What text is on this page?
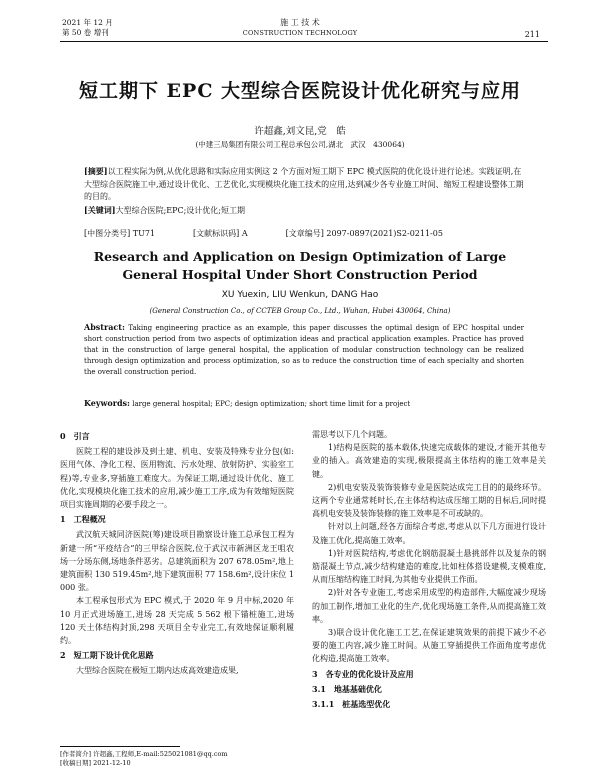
2021 年 12 月
第 50 卷 增刊
施 工 技 术
CONSTRUCTION TECHNOLOGY	211
短工期下 EPC 大型综合医院设计优化研究与应用
许超鑫,刘文昆,党　皓
(中建三局集团有限公司工程总承包公司,湖北　武汉　430064)
[摘要]以工程实际为例,从优化思路和实际应用实例这 2 个方面对短工期下 EPC 模式医院的优化设计进行论述。实践证明,在大型综合医院施工中,通过设计优化、工艺优化,实现模块化施工技术的应用,达到减少各专业施工时间、缩短工程建设整体工期的目的。
[关键词]大型综合医院;EPC;设计优化;短工期
[中图分类号] TU71	[文献标识码] A	[文章编号] 2097-0897(2021)S2-0211-05
Research and Application on Design Optimization of Large
General Hospital Under Short Construction Period
XU Yuexin, LIU Wenkun, DANG Hao
(General Construction Co., of CCTEB Group Co., Ltd., Wuhan, Hubei 430064, China)
Abstract: Taking engineering practice as an example, this paper discusses the optimal design of EPC hospital under short construction period from two aspects of optimization ideas and practical application examples. Practice has proved that in the construction of large general hospital, the application of modular construction technology can be realized through design optimization and process optimization, so as to reduce the construction time of each specialty and shorten the overall construction period.
Keywords: large general hospital; EPC; design optimization; short time limit for a project
0　引言

医院工程的建设涉及到土建、机电、安装及特殊专业分包(如:医用气体、净化工程、医用物流、污水处理、放射防护、实验室工程)等,专业多,穿插施工难度大。为保证工期,通过设计优化、施工优化,实现模块化施工技术的应用,减少施工工序,成为有效缩短医院项目实施周期的必要手段之一。

1　工程概况

武汉航天城同济医院(筹)建设项目勘察设计施工总承包工程为新建一所“平疫结合”的三甲综合医院,位于武汉市新洲区龙王咀农场一分场东侧,场地条件恶劣。总建筑面积为 207 678.05m²,地上建筑面积 130 519.45m²,地下建筑面积 77 158.6m²,设计床位 1 000 张。

本工程承包形式为 EPC 模式,于 2020 年 9 月中标,2020 年 10 月正式进场施工,进场 28 天完成 5 562 根下锚桩施工,进场 120 天土体结构封顶,298 天项目全专业完工,有效地保证顺利履约。

2　短工期下设计优化思路

大型综合医院在极短工期内达成高效建造成果,

需思考以下几个问题。

1)结构是医院的基本载体,快速完成载体的建设,才能开其他专业的插入。高效建造的实现,极限提高主体结构的施工效率是关键。

2)机电安装及装饰装修专业是医院达成完工目的的最终环节。这两个专业通常耗时长,在主体结构达成压缩工期的目标后,同时提高机电安装及装饰装修的施工效率是不可或缺的。

针对以上问题,经各方面综合考虑,考虑从以下几方面进行设计及施工优化,提高施工效率。

1)针对医院结构,考虑优化钢筋混凝土悬挑部件以及复杂的钢筋混凝土节点,减少结构建造的难度,比如柱体搭设建模,支模难度,从而压缩结构施工时间,为其他专业提供工作面。

2)针对各专业施工,考虑采用成型的构造部件,大幅度减少现场的加工制作,增加工业化的生产,优化现场施工条件,从而提高施工效率。

3)联合设计优化施工工艺,在保证建筑效果的前提下减少不必要的施工内容,减少施工时间。从施工穿插提供工作面角度考虑优化构造,提高施工效率。

3　各专业的优化设计及应用
3.1　地基基础优化
3.1.1　桩基选型优化
[作者简介] 许超鑫,工程师,E-mail:525021081@qq.com
[收稿日期] 2021-12-10
